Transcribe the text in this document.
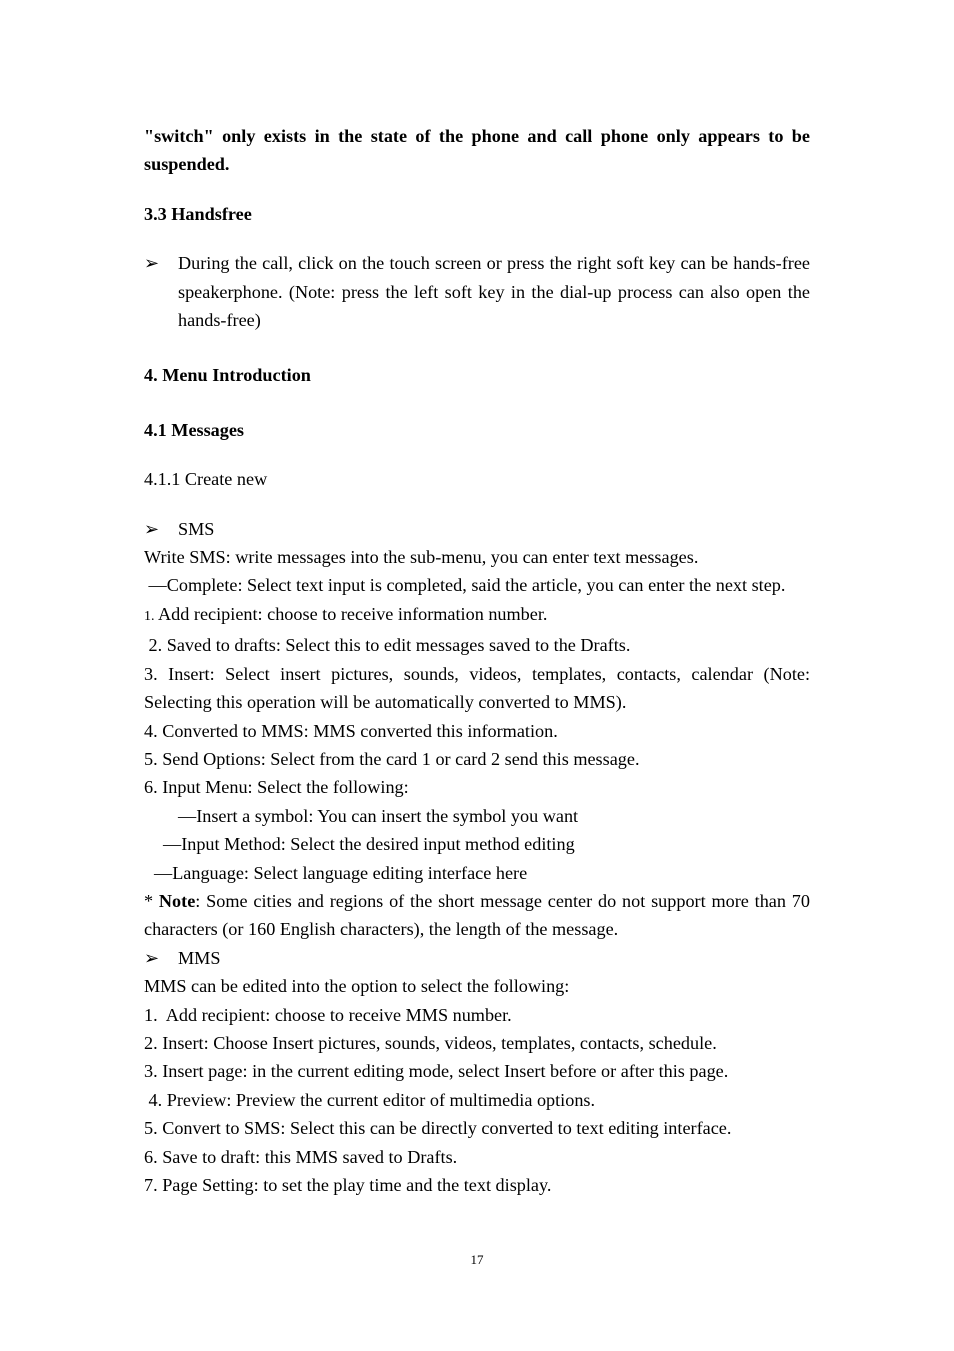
"switch" only exists in the state of the phone and call phone only appears to be
suspended.

3.3 Handsfree

➢	During the call, click on the touch screen or press the right soft key can be hands-free speakerphone. (Note: press the left soft key in the dial-up process can also open the hands-free)

4. Menu Introduction

4.1 Messages

4.1.1 Create new

➢	SMS

Write SMS: write messages into the sub-menu, you can enter text messages.

—Complete: Select text input is completed, said the article, you can enter the next step.

1. Add recipient: choose to receive information number.

2. Saved to drafts: Select this to edit messages saved to the Drafts.

3. Insert: Select insert pictures, sounds, videos, templates, contacts, calendar (Note: Selecting this operation will be automatically converted to MMS).

4. Converted to MMS: MMS converted this information.

5. Send Options: Select from the card 1 or card 2 send this message.

6. Input Menu: Select the following:

—Insert a symbol: You can insert the symbol you want

—Input Method: Select the desired input method editing

—Language: Select language editing interface here

* Note: Some cities and regions of the short message center do not support more than 70 characters (or 160 English characters), the length of the message.

➢	MMS

MMS can be edited into the option to select the following:

1.  Add recipient: choose to receive MMS number.

2. Insert: Choose Insert pictures, sounds, videos, templates, contacts, schedule.

3. Insert page: in the current editing mode, select Insert before or after this page.

4. Preview: Preview the current editor of multimedia options.

5. Convert to SMS: Select this can be directly converted to text editing interface.

6. Save to draft: this MMS saved to Drafts.

7. Page Setting: to set the play time and the text display.

17
